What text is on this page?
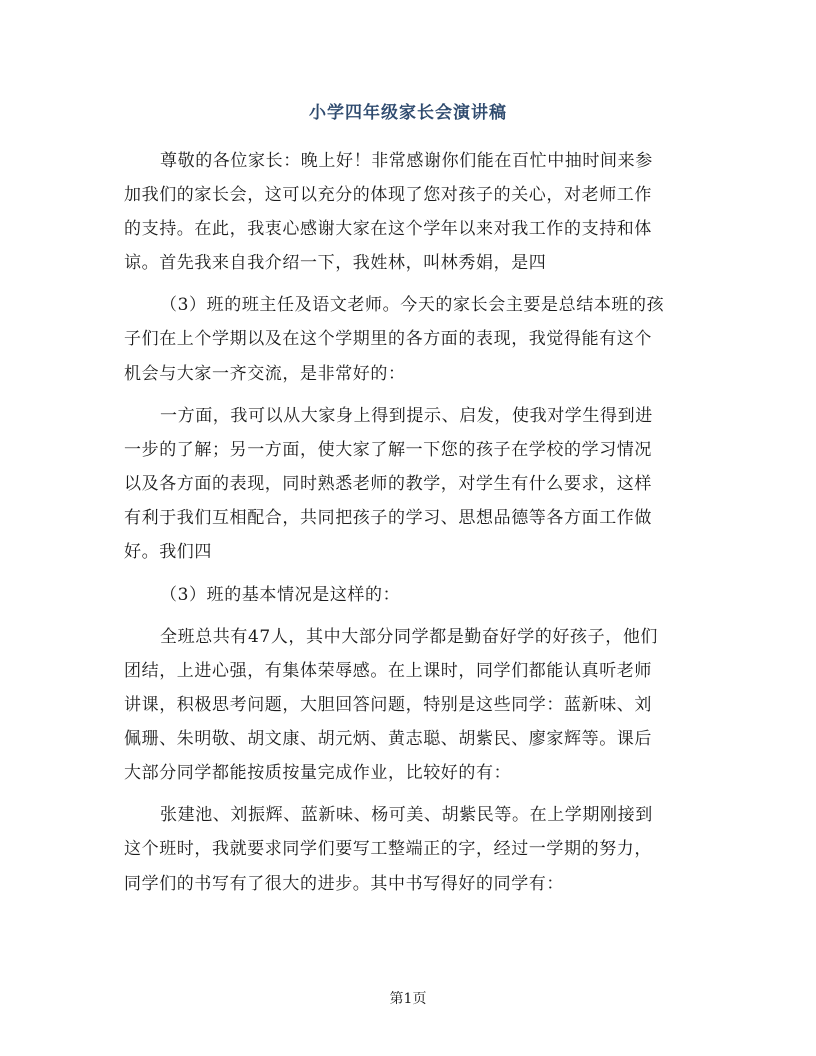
小学四年级家长会演讲稿
尊敬的各位家长：晚上好！非常感谢你们能在百忙中抽时间来参
加我们的家长会，这可以充分的体现了您对孩子的关心，对老师工作
的支持。在此，我衷心感谢大家在这个学年以来对我工作的支持和体
谅。首先我来自我介绍一下，我姓林，叫林秀娟，是四
（3）班的班主任及语文老师。今天的家长会主要是总结本班的孩
子们在上个学期以及在这个学期里的各方面的表现，我觉得能有这个
机会与大家一齐交流，是非常好的：
一方面，我可以从大家身上得到提示、启发，使我对学生得到进
一步的了解；另一方面，使大家了解一下您的孩子在学校的学习情况
以及各方面的表现，同时熟悉老师的教学，对学生有什么要求，这样
有利于我们互相配合，共同把孩子的学习、思想品德等各方面工作做
好。我们四
（3）班的基本情况是这样的：
全班总共有47人，其中大部分同学都是勤奋好学的好孩子，他们
团结，上进心强，有集体荣辱感。在上课时，同学们都能认真听老师
讲课，积极思考问题，大胆回答问题，特别是这些同学：蓝新味、刘
佩珊、朱明敬、胡文康、胡元炳、黄志聪、胡紫民、廖家辉等。课后
大部分同学都能按质按量完成作业，比较好的有：
张建池、刘振辉、蓝新味、杨可美、胡紫民等。在上学期刚接到
这个班时，我就要求同学们要写工整端正的字，经过一学期的努力，
同学们的书写有了很大的进步。其中书写得好的同学有：
第1页
